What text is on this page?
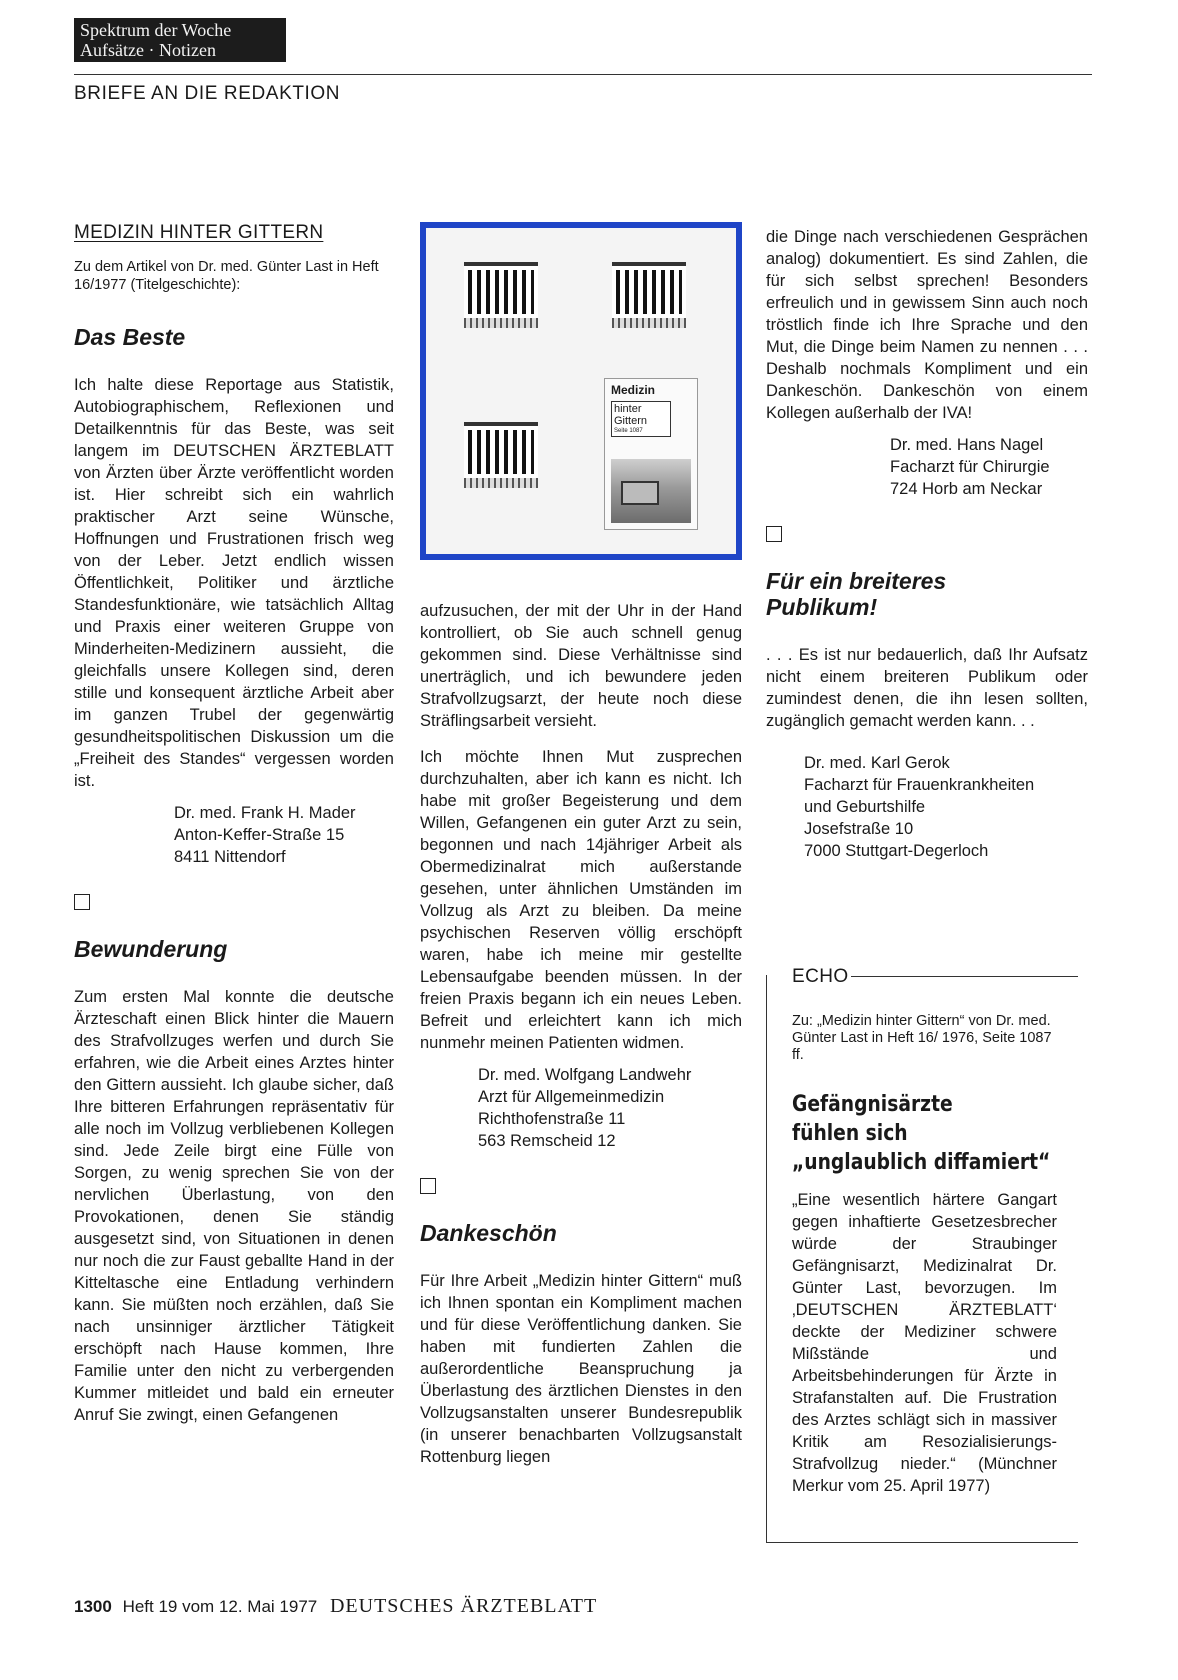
Spektrum der Woche
Aufsätze · Notizen
BRIEFE AN DIE REDAKTION
MEDIZIN HINTER GITTERN

Zu dem Artikel von Dr. med. Günter Last in Heft 16/1977 (Titelgeschichte):

Das Beste

Ich halte diese Reportage aus Statistik, Autobiographischem, Reflexionen und Detailkenntnis für das Beste, was seit langem im DEUTSCHEN ÄRZTEBLATT von Ärzten über Ärzte veröffentlicht worden ist. Hier schreibt sich ein wahrlich praktischer Arzt seine Wünsche, Hoffnungen und Frustrationen frisch weg von der Leber. Jetzt endlich wissen Öffentlichkeit, Politiker und ärztliche Standesfunktionäre, wie tatsächlich Alltag und Praxis einer weiteren Gruppe von Minderheiten-Medizinern aussieht, die gleichfalls unsere Kollegen sind, deren stille und konsequent ärztliche Arbeit aber im ganzen Trubel der gegenwärtig gesundheitspolitischen Diskussion um die „Freiheit des Standes“ vergessen worden ist.

Dr. med. Frank H. Mader
Anton-Keffer-Straße 15
8411 Nittendorf
Bewunderung

Zum ersten Mal konnte die deutsche Ärzteschaft einen Blick hinter die Mauern des Strafvollzuges werfen und durch Sie erfahren, wie die Arbeit eines Arztes hinter den Gittern aussieht. Ich glaube sicher, daß Ihre bitteren Erfahrungen repräsentativ für alle noch im Vollzug verbliebenen Kollegen sind. Jede Zeile birgt eine Fülle von Sorgen, zu wenig sprechen Sie von der nervlichen Überlastung, von den Provokationen, denen Sie ständig ausgesetzt sind, von Situationen in denen nur noch die zur Faust geballte Hand in der Kitteltasche eine Entladung verhindern kann. Sie müßten noch erzählen, daß Sie nach unsinniger ärztlicher Tätigkeit erschöpft nach Hause kommen, Ihre Familie unter den nicht zu verbergenden Kummer mitleidet und bald ein erneuter Anruf Sie zwingt, einen Gefangenen

Medizin
hinter
Gittern
Seite 1087

aufzusuchen, der mit der Uhr in der Hand kontrolliert, ob Sie auch schnell genug gekommen sind. Diese Verhältnisse sind unerträglich, und ich bewundere jeden Strafvollzugsarzt, der heute noch diese Sträflingsarbeit versieht.

Ich möchte Ihnen Mut zusprechen durchzuhalten, aber ich kann es nicht. Ich habe mit großer Begeisterung und dem Willen, Gefangenen ein guter Arzt zu sein, begonnen und nach 14jähriger Arbeit als Obermedizinalrat mich außerstande gesehen, unter ähnlichen Umständen im Vollzug als Arzt zu bleiben. Da meine psychischen Reserven völlig erschöpft waren, habe ich meine mir gestellte Lebensaufgabe beenden müssen. In der freien Praxis begann ich ein neues Leben. Befreit und erleichtert kann ich mich nunmehr meinen Patienten widmen.

Dr. med. Wolfgang Landwehr
Arzt für Allgemeinmedizin
Richthofenstraße 11
563 Remscheid 12
Dankeschön

Für Ihre Arbeit „Medizin hinter Gittern“ muß ich Ihnen spontan ein Kompliment machen und für diese Veröffentlichung danken. Sie haben mit fundierten Zahlen die außerordentliche Beanspruchung ja Überlastung des ärztlichen Dienstes in den Vollzugsanstalten unserer Bundesrepublik (in unserer benachbarten Vollzugsanstalt Rottenburg liegen

die Dinge nach verschiedenen Gesprächen analog) dokumentiert. Es sind Zahlen, die für sich selbst sprechen! Besonders erfreulich und in gewissem Sinn auch noch tröstlich finde ich Ihre Sprache und den Mut, die Dinge beim Namen zu nennen . . . Deshalb nochmals Kompliment und ein Dankeschön. Dankeschön von einem Kollegen außerhalb der IVA!

Dr. med. Hans Nagel
Facharzt für Chirurgie
724 Horb am Neckar
Für ein breiteres Publikum!

. . . Es ist nur bedauerlich, daß Ihr Aufsatz nicht einem breiteren Publikum oder zumindest denen, die ihn lesen sollten, zugänglich gemacht werden kann. . .

Dr. med. Karl Gerok
Facharzt für Frauenkrankheiten
und Geburtshilfe
Josefstraße 10
7000 Stuttgart-Degerloch
ECHO
Zu: „Medizin hinter Gittern“ von Dr. med. Günter Last in Heft 16/ 1976, Seite 1087 ff.
Gefängnisärzte
fühlen sich
„unglaublich diffamiert“

„Eine wesentlich härtere Gangart gegen inhaftierte Gesetzesbrecher würde der Straubinger Gefängnisarzt, Medizinalrat Dr. Günter Last, bevorzugen. Im ‚DEUTSCHEN ÄRZTEBLATT‘ deckte der Mediziner schwere Mißstände und Arbeitsbehinderungen für Ärzte in Strafanstalten auf. Die Frustration des Arztes schlägt sich in massiver Kritik am Resozialisierungs-Strafvollzug nieder.“ (Münchner Merkur vom 25. April 1977)

1300 Heft 19 vom 12. Mai 1977 DEUTSCHES ÄRZTEBLATT
